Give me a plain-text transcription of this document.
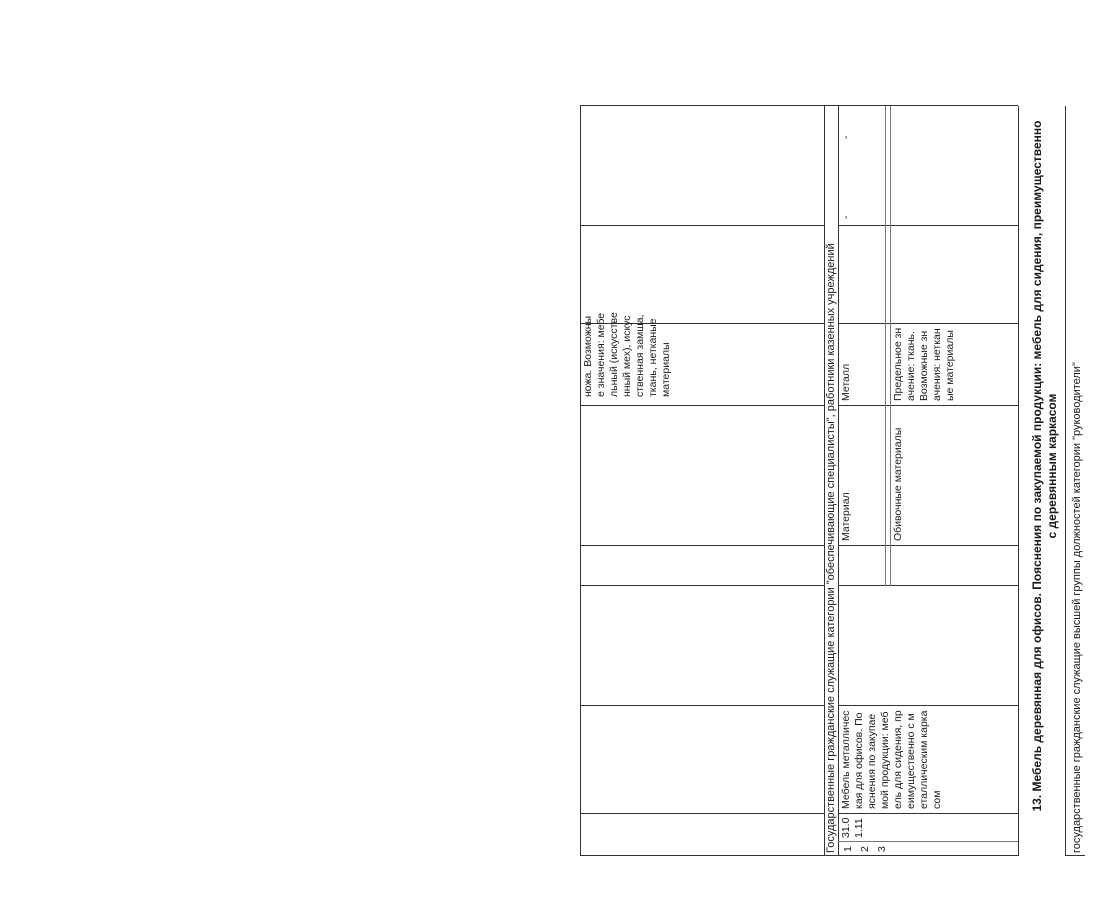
ножа. Возможные значения: мебельный (искусственный мех), искусственная замша, ткань, нетканые материалы	Государственные гражданские служащие категории "обеспечивающие специалисты", работники казенных учреждений 1 2 3
31.01.11
Мебель металлическая для офисов. Пояснения по закупаемой продукции: мебель для сидения, преимущественно с металлическим каркасом
Материал
Металл
Обивочные материалы
Предельное значение: ткань. Возможные значения: нетканые материалы
-
-	13. Мебель деревянная для офисов. Пояснения по закупаемой продукции: мебель для сидения, преимущественно с деревянным каркасом государственные гражданские служащие высшей группы должностей категории "руководители"
